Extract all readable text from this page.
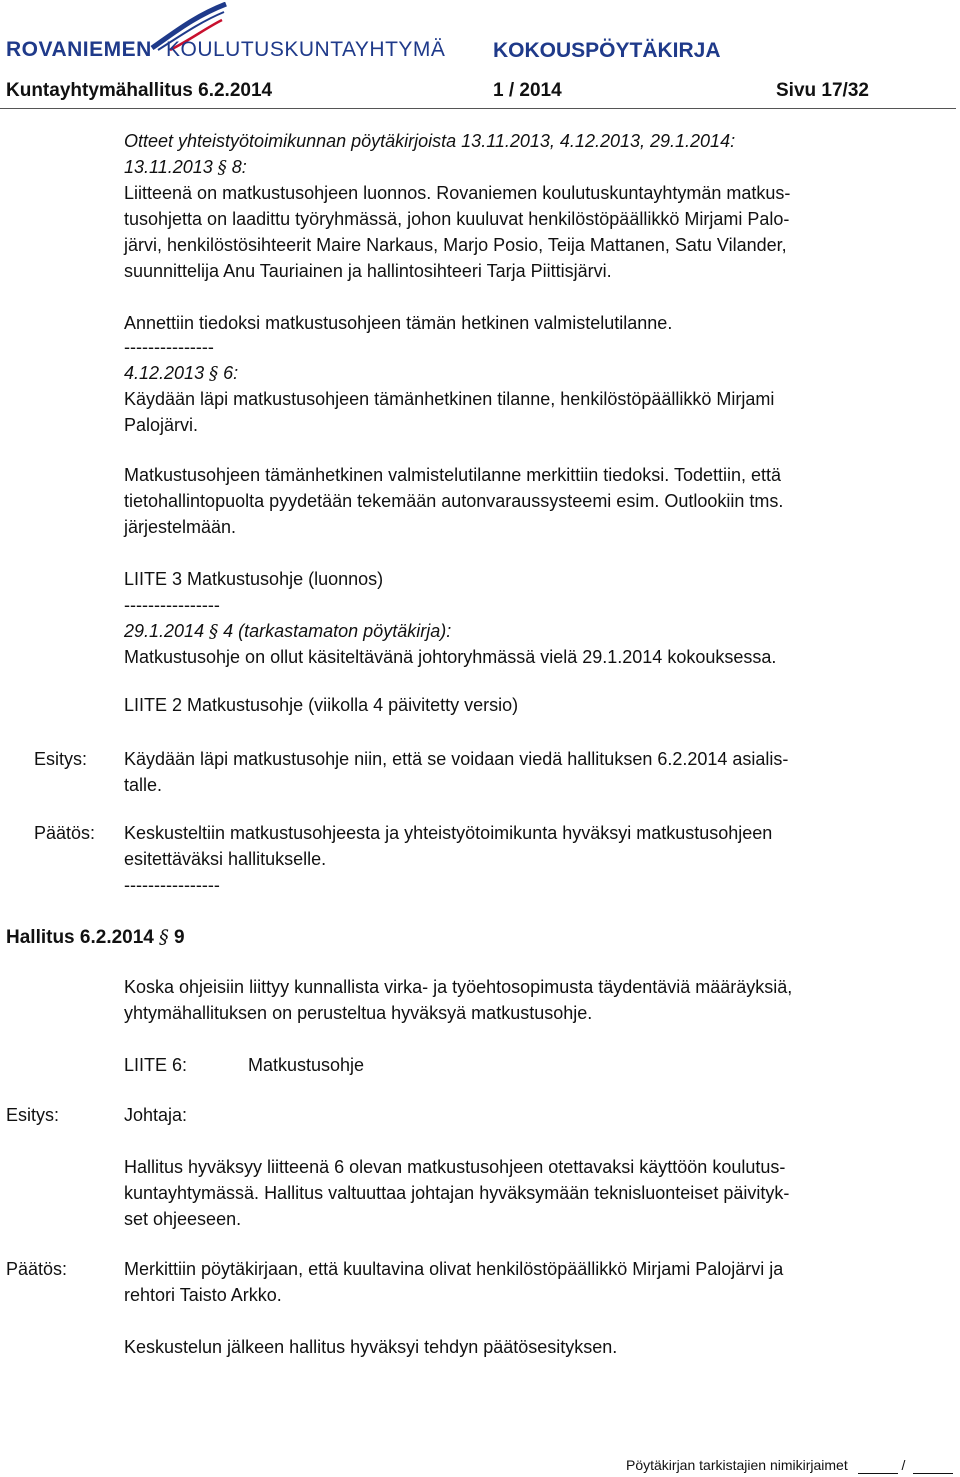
ROVANIEMEN KOULUTUSKUNTAYHTYMÄ KOKOUSPÖYTÄKIRJA
Kuntayhtymähallitus 6.2.2014	1 / 2014	Sivu 17/32
Otteet yhteistyötoimikunnan pöytäkirjoista 13.11.2013, 4.12.2013, 29.1.2014:
13.11.2013 § 8:
Liitteenä on matkustusohjeen luonnos. Rovaniemen koulutuskuntayhtymän matkus-
tusohjetta on laadittu työryhmässä, johon kuuluvat henkilöstöpäällikkö Mirjami Palo-
järvi, henkilöstösihteerit Maire Narkaus, Marjo Posio, Teija Mattanen, Satu Vilander,
suunnittelija Anu Tauriainen ja hallintosihteeri Tarja Piittisjärvi.
Annettiin tiedoksi matkustusohjeen tämän hetkinen valmistelutilanne.
---------------
4.12.2013 § 6:
Käydään läpi matkustusohjeen tämänhetkinen tilanne, henkilöstöpäällikkö Mirjami
Palojärvi.
Matkustusohjeen tämänhetkinen valmistelutilanne merkittiin tiedoksi. Todettiin, että
tietohallintopuolta pyydetään tekemään autonvaraussysteemi esim. Outlookiin tms.
järjestelmään.
LIITE 3 Matkustusohje (luonnos)
----------------
29.1.2014 § 4 (tarkastamaton pöytäkirja):
Matkustusohje on ollut käsiteltävänä johtoryhmässä vielä 29.1.2014 kokouksessa.
LIITE 2 Matkustusohje (viikolla 4 päivitetty versio)
Esitys: Käydään läpi matkustusohje niin, että se voidaan viedä hallituksen 6.2.2014 asialis-
talle.
Päätös: Keskusteltiin matkustusohjeesta ja yhteistyötoimikunta hyväksyi matkustusohjeen
esitettäväksi hallitukselle.
----------------
Hallitus 6.2.2014 § 9
Koska ohjeisiin liittyy kunnallista virka- ja työehtosopimusta täydentäviä määräyksiä,
yhtymähallituksen on perusteltua hyväksyä matkustusohje.
LIITE 6:	Matkustusohje
Esitys:	Johtaja:
Hallitus hyväksyy liitteenä 6 olevan matkustusohjeen otettavaksi käyttöön koulutus-
kuntayhtymässä. Hallitus valtuuttaa johtajan hyväksymään teknisluonteiset päivityk-
set ohjeeseen.
Päätös:	Merkittiin pöytäkirjaan, että kuultavina olivat henkilöstöpäällikkö Mirjami Palojärvi ja
rehtori Taisto Arkko.
Keskustelun jälkeen hallitus hyväksyi tehdyn päätösesityksen.
Pöytäkirjan tarkistajien nimikirjaimet	/
